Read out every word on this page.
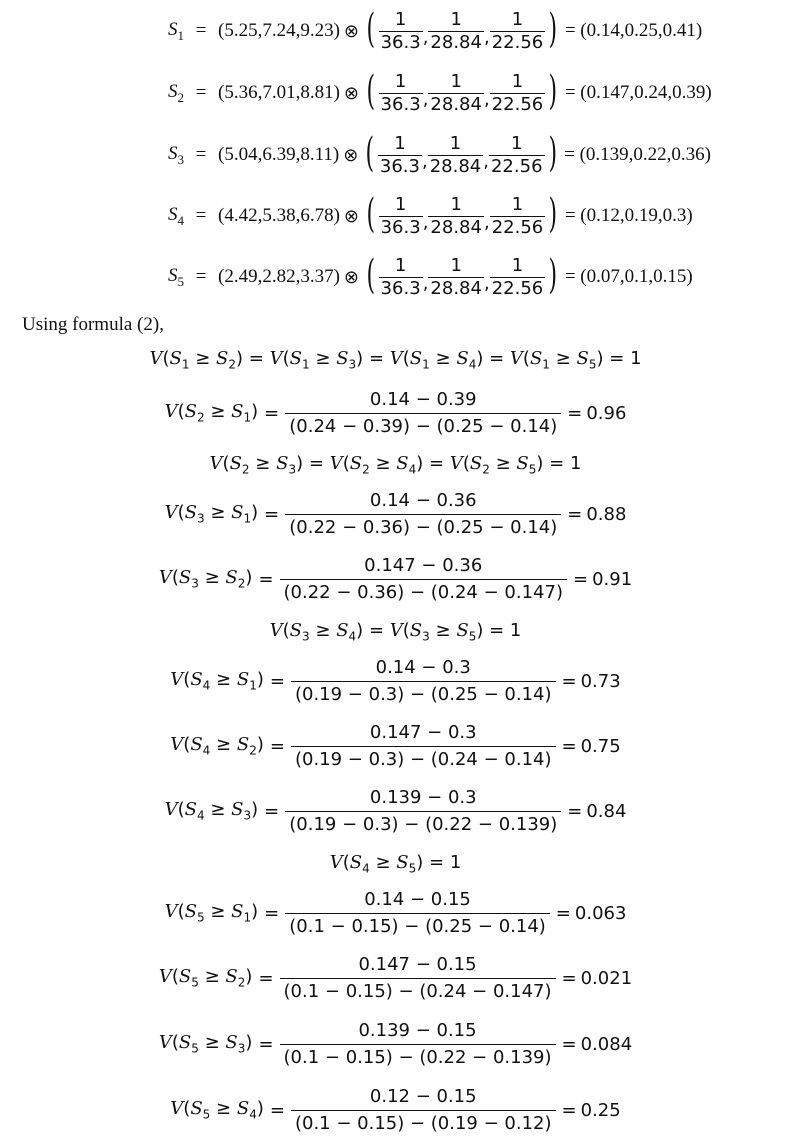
$S_1 = (5.25,7.24,9.23)$ ⊗ ( $\frac{1}{36.3}$ , $\frac{1}{28.84}$ , $\frac{1}{22.56}$ ) = (0.14,0.25,0.41)
$S_2 = (5.36,7.01,8.81)$ ⊗ ( $\frac{1}{36.3}$ , $\frac{1}{28.84}$ , $\frac{1}{22.56}$ ) = (0.147,0.24,0.39)
$S_3 = (5.04,6.39,8.11)$ ⊗ ( $\frac{1}{36.3}$ , $\frac{1}{28.84}$ , $\frac{1}{22.56}$ ) = (0.139,0.22,0.36)
$S_4 = (4.42,5.38,6.78)$ ⊗ ( $\frac{1}{36.3}$ , $\frac{1}{28.84}$ , $\frac{1}{22.56}$ ) = (0.12,0.19,0.3)
$S_5 = (2.49,2.82,3.37)$ ⊗ ( $\frac{1}{36.3}$ , $\frac{1}{28.84}$ , $\frac{1}{22.56}$ ) = (0.07,0.1,0.15)
Using formula (2),
$V(S_1 \ge S_2) = V(S_1 \ge S_3) = V(S_1 \ge S_4) = V(S_1 \ge S_5) = 1$
$V(S_2 \ge S_1) = \frac{0.14 - 0.39}{(0.24 - 0.39) - (0.25 - 0.14)} = 0.96$
$V(S_2 \ge S_3) = V(S_2 \ge S_4) = V(S_2 \ge S_5) = 1$
$V(S_3 \ge S_1) = \frac{0.14 - 0.36}{(0.22 - 0.36) - (0.25 - 0.14)} = 0.88$
$V(S_3 \ge S_2) = \frac{0.147 - 0.36}{(0.22 - 0.36) - (0.24 - 0.147)} = 0.91$
$V(S_3 \ge S_4) = V(S_3 \ge S_5) = 1$
$V(S_4 \ge S_1) = \frac{0.14 - 0.3}{(0.19 - 0.3) - (0.25 - 0.14)} = 0.73$
$V(S_4 \ge S_2) = \frac{0.147 - 0.3}{(0.19 - 0.3) - (0.24 - 0.14)} = 0.75$
$V(S_4 \ge S_3) = \frac{0.139 - 0.3}{(0.19 - 0.3) - (0.22 - 0.139)} = 0.84$
$V(S_4 \ge S_5) = 1$
$V(S_5 \ge S_1) = \frac{0.14 - 0.15}{(0.1 - 0.15) - (0.25 - 0.14)} = 0.063$
$V(S_5 \ge S_2) = \frac{0.147 - 0.15}{(0.1 - 0.15) - (0.24 - 0.147)} = 0.021$
$V(S_5 \ge S_3) = \frac{0.139 - 0.15}{(0.1 - 0.15) - (0.22 - 0.139)} = 0.084$
$V(S_5 \ge S_4) = \frac{0.12 - 0.15}{(0.1 - 0.15) - (0.19 - 0.12)} = 0.25$
